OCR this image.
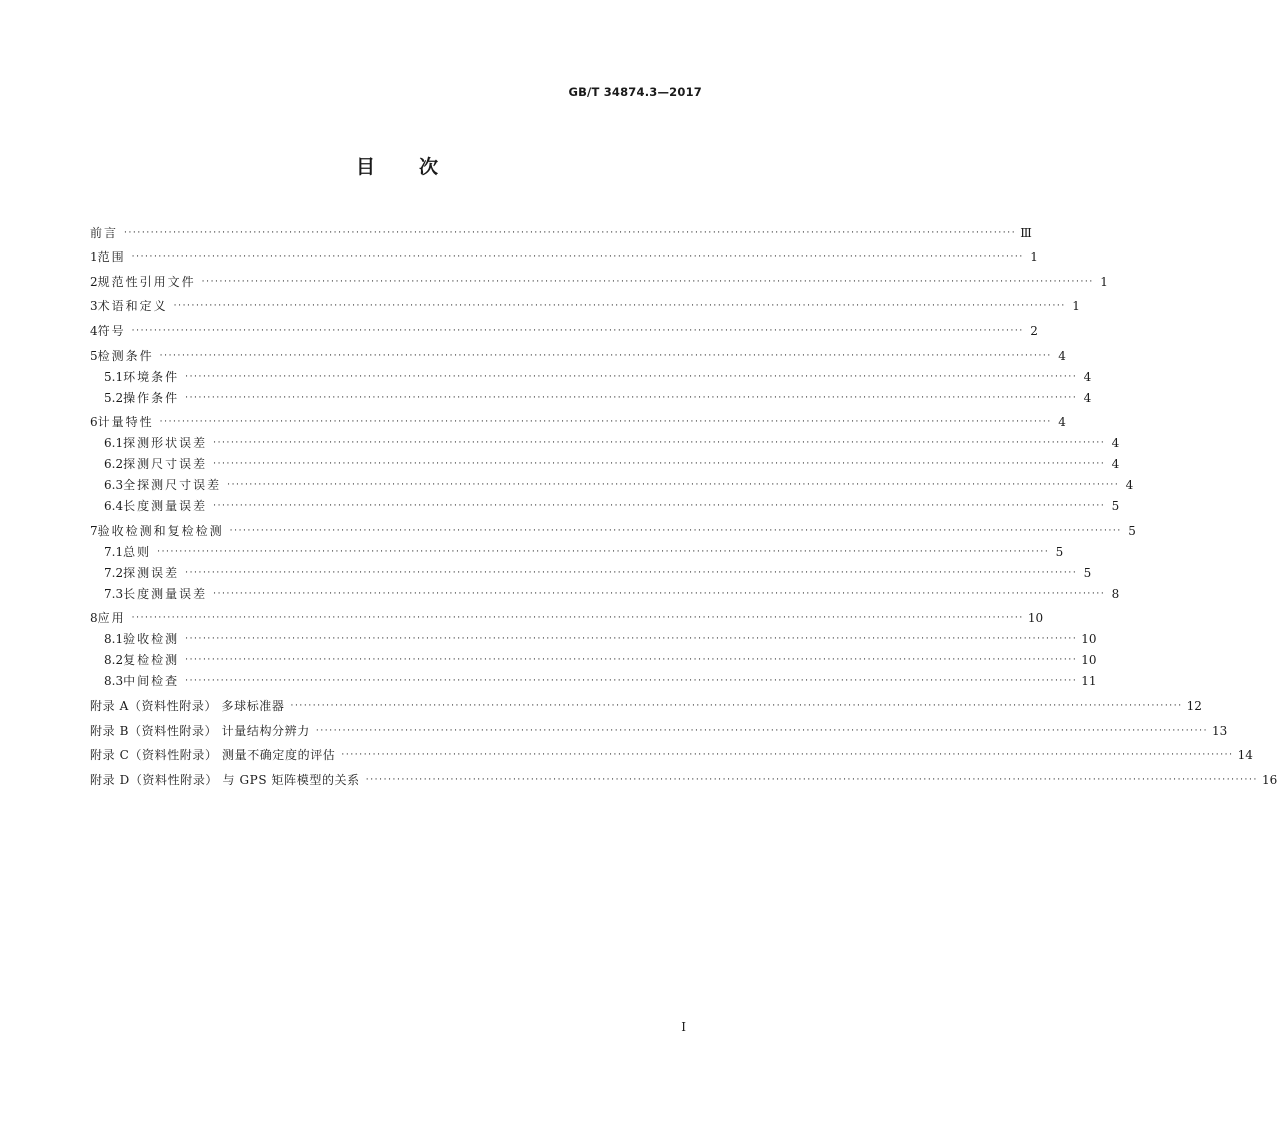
GB/T 34874.3—2017
目 次
前言 ········································································································································································································ Ⅲ
1 范围 ········································································································································································································ 1
2 规范性引用文件 ········································································································································································································ 1
3 术语和定义 ········································································································································································································ 1
4 符号 ········································································································································································································ 2
5 检测条件 ········································································································································································································ 4
5.1 环境条件 ········································································································································································································ 4
5.2 操作条件 ········································································································································································································ 4
6 计量特性 ········································································································································································································ 4
6.1 探测形状误差 ········································································································································································································ 4
6.2 探测尺寸误差 ········································································································································································································ 4
6.3 全探测尺寸误差 ········································································································································································································ 4
6.4 长度测量误差 ········································································································································································································ 5
7 验收检测和复检检测 ········································································································································································································ 5
7.1 总则 ········································································································································································································ 5
7.2 探测误差 ········································································································································································································ 5
7.3 长度测量误差 ········································································································································································································ 8
8 应用 ········································································································································································································ 10
8.1 验收检测 ········································································································································································································ 10
8.2 复检检测 ········································································································································································································ 10
8.3 中间检查 ········································································································································································································ 11
附录 A（资料性附录） 多球标准器 ········································································································································································································ 12
附录 B（资料性附录） 计量结构分辨力 ········································································································································································································ 13
附录 C（资料性附录） 测量不确定度的评估 ········································································································································································································ 14
附录 D（资料性附录） 与 GPS 矩阵模型的关系 ········································································································································································································ 16
I
